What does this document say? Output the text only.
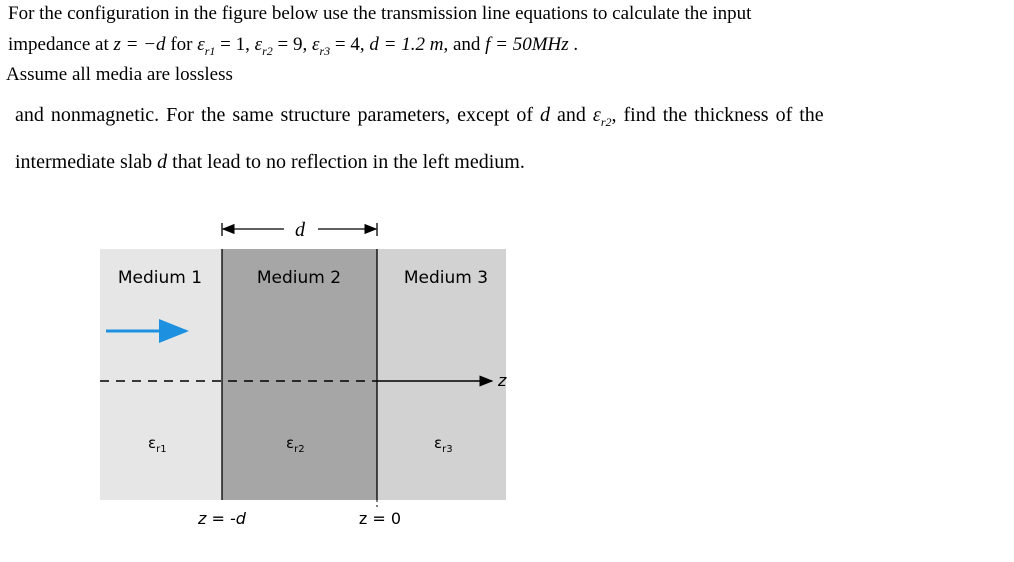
For the configuration in the figure below use the transmission line equations to calculate the input
impedance at z = −d for $\varepsilon_{r1} = 1$, $\varepsilon_{r2} = 9$, $\varepsilon_{r3} = 4$, d = 1.2 m, and f = 50MHz .
Assume all media are lossless
and nonmagnetic. For the same structure parameters, except of d and $\varepsilon_{r2}$, find the thickness of the
intermediate slab d that lead to no reflection in the left medium.
d
Medium 1	Medium 2	Medium 3
z
$\varepsilon_{r1}$	$\varepsilon_{r2}$	$\varepsilon_{r3}$
z = -d	z = 0
